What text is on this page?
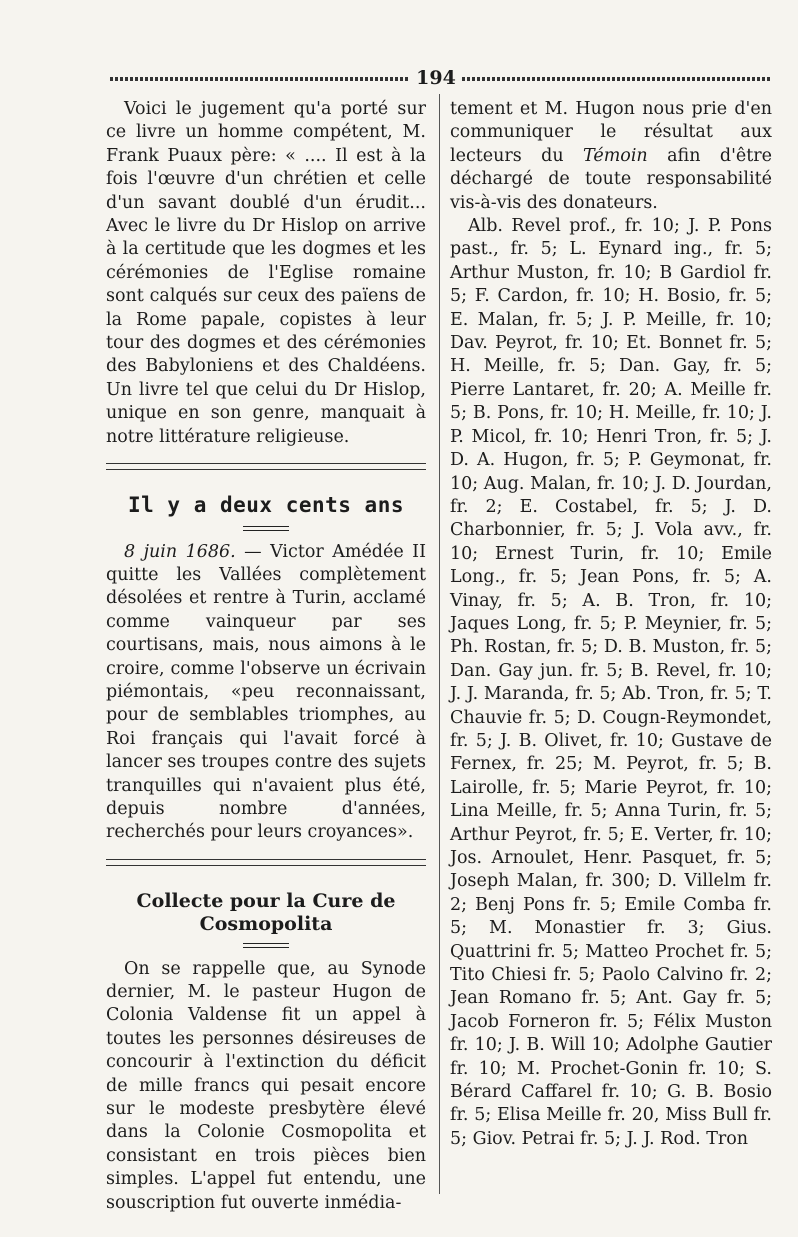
194

Voici le jugement qu'a porté sur ce livre un homme compétent, M. Frank Puaux père: « .... Il est à la fois l'œuvre d'un chrétien et celle d'un savant doublé d'un érudit... Avec le livre du Dr Hislop on arrive à la certitude que les dogmes et les cérémonies de l'Eglise romaine sont calqués sur ceux des païens de la Rome papale, copistes à leur tour des dogmes et des cérémonies des Babyloniens et des Chaldéens. Un livre tel que celui du Dr Hislop, unique en son genre, manquait à notre littérature religieuse.

Il y a deux cents ans

8 juin 1686. — Victor Amédée II quitte les Vallées complètement désolées et rentre à Turin, acclamé comme vainqueur par ses courtisans, mais, nous aimons à le croire, comme l'observe un écrivain piémontais, «peu reconnaissant, pour de semblables triomphes, au Roi français qui l'avait forcé à lancer ses troupes contre des sujets tranquilles qui n'avaient plus été, depuis nombre d'années, recherchés pour leurs croyances».

Collecte pour la Cure de Cosmopolita

On se rappelle que, au Synode dernier, M. le pasteur Hugon de Colonia Valdense fit un appel à toutes les personnes désireuses de concourir à l'extinction du déficit de mille francs qui pesait encore sur le modeste presbytère élevé dans la Colonie Cosmopolita et consistant en trois pièces bien simples. L'appel fut entendu, une souscription fut ouverte inmédia-

tement et M. Hugon nous prie d'en communiquer le résultat aux lecteurs du Témoin afin d'être déchargé de toute responsabilité vis-à-vis des donateurs.

Alb. Revel prof., fr. 10; J. P. Pons past., fr. 5; L. Eynard ing., fr. 5; Arthur Muston, fr. 10; B Gardiol fr. 5; F. Cardon, fr. 10; H. Bosio, fr. 5; E. Malan, fr. 5; J. P. Meille, fr. 10; Dav. Peyrot, fr. 10; Et. Bonnet fr. 5; H. Meille, fr. 5; Dan. Gay, fr. 5; Pierre Lantaret, fr. 20; A. Meille fr. 5; B. Pons, fr. 10; H. Meille, fr. 10; J. P. Micol, fr. 10; Henri Tron, fr. 5; J. D. A. Hugon, fr. 5; P. Geymonat, fr. 10; Aug. Malan, fr. 10; J. D. Jourdan, fr. 2; E. Costabel, fr. 5; J. D. Charbonnier, fr. 5; J. Vola avv., fr. 10; Ernest Turin, fr. 10; Emile Long., fr. 5; Jean Pons, fr. 5; A. Vinay, fr. 5; A. B. Tron, fr. 10; Jaques Long, fr. 5; P. Meynier, fr. 5; Ph. Rostan, fr. 5; D. B. Muston, fr. 5; Dan. Gay jun. fr. 5; B. Revel, fr. 10; J. J. Maranda, fr. 5; Ab. Tron, fr. 5; T. Chauvie fr. 5; D. Cougn-Reymondet, fr. 5; J. B. Olivet, fr. 10; Gustave de Fernex, fr. 25; M. Peyrot, fr. 5; B. Lairolle, fr. 5; Marie Peyrot, fr. 10; Lina Meille, fr. 5; Anna Turin, fr. 5; Arthur Peyrot, fr. 5; E. Verter, fr. 10; Jos. Arnoulet, Henr. Pasquet, fr. 5; Joseph Malan, fr. 300; D. Villelm fr. 2; Benj Pons fr. 5; Emile Comba fr. 5; M. Monastier fr. 3; Gius. Quattrini fr. 5; Matteo Prochet fr. 5; Tito Chiesi fr. 5; Paolo Calvino fr. 2; Jean Romano fr. 5; Ant. Gay fr. 5; Jacob Forneron fr. 5; Félix Muston fr. 10; J. B. Will 10; Adolphe Gautier fr. 10; M. Prochet-Gonin fr. 10; S. Bérard Caffarel fr. 10; G. B. Bosio fr. 5; Elisa Meille fr. 20, Miss Bull fr. 5; Giov. Petrai fr. 5; J. J. Rod. Tron
